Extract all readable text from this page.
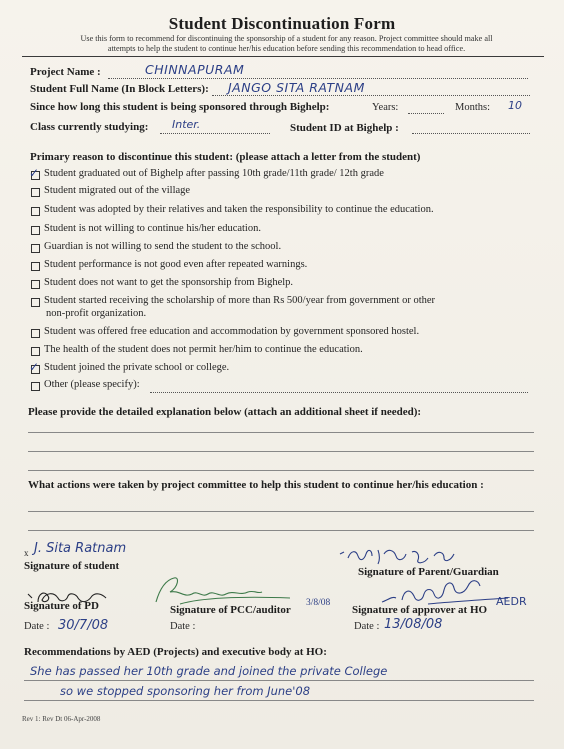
Student Discontinuation Form
Use this form to recommend for discontinuing the sponsorship of a student for any reason. Project committee should make all
attempts to help the student to continue her/his education before sending this recommendation to head office.
Project Name :	CHINNAPURAM
Student Full Name (In Block Letters): JANGO SITA RATNAM
Since how long this student is being sponsored through Bighelp:	Years:	Months: 10
Class currently studying: Inter.	Student ID at Bighelp :
Primary reason to discontinue this student: (please attach a letter from the student)
✓ Student graduated out of Bighelp after passing 10th grade/11th grade/ 12th grade
Student migrated out of the village
Student was adopted by their relatives and taken the responsibility to continue the education.
Student is not willing to continue his/her education.
Guardian is not willing to send the student to the school.
Student performance is not good even after repeated warnings.
Student does not want to get the sponsorship from Bighelp.
Student started receiving the scholarship of more than Rs 500/year from government or other
Student was offered free education and accommodation by government sponsored hostel.
The health of the student does not permit her/him to continue the education.
✓ Student joined the private school or college.
Other (please specify):
non-profit organization.
Please provide the detailed explanation below (attach an additional sheet if needed):
What actions were taken by project committee to help this student to continue her/his education :
x J. Sita Ratnam
Signature of student	Signature of Parent/Guardian
Signature of PD	3/8/08
Signature of PCC/auditor
AEDR
Signature of approver at HO
Date : 30/7/08	Date :	Date : 13/08/08
Recommendations by AED (Projects) and executive body at HO:
She has passed her 10th grade and joined the private College
so we stopped sponsoring her from June'08
Rev 1: Rev Dt 06-Apr-2008
